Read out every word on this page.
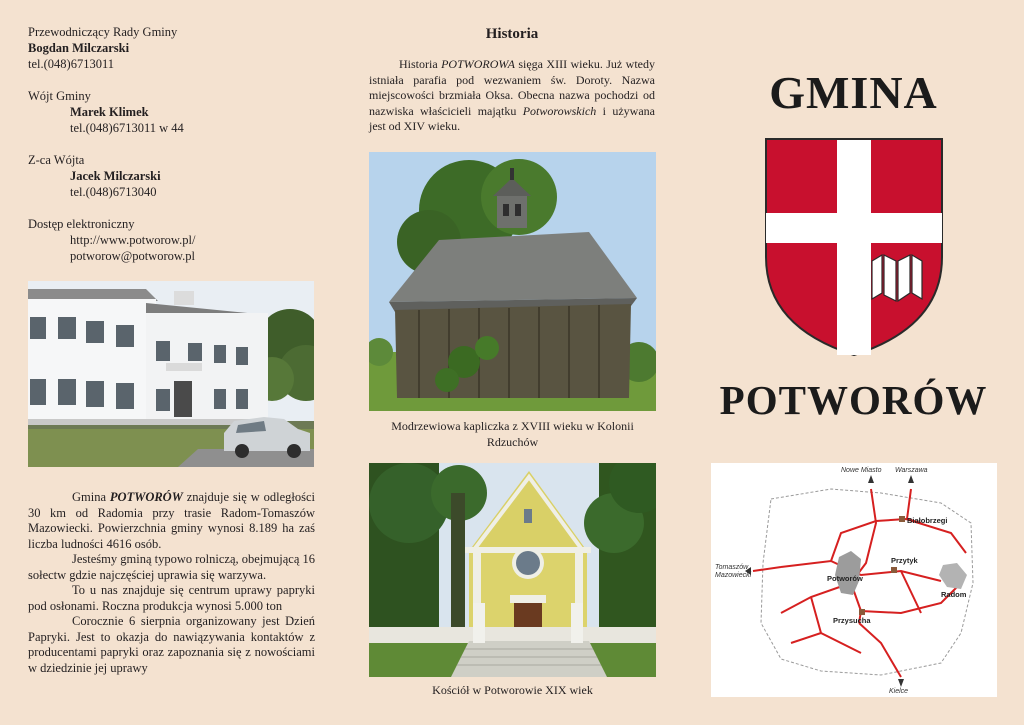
Przewodniczący Rady Gminy
Bogdan Milczarski
tel.(048)6713011
Wójt Gminy
Marek Klimek
tel.(048)6713011 w 44
Z-ca Wójta
Jacek Milczarski
tel.(048)6713040
Dostęp elektroniczny
http://www.potworow.pl/
potworow@potworow.pl

Gmina POTWORÓW znajduje się w odległości 30 km od Radomia przy trasie Radom-Tomaszów Mazowiecki. Powierzchnia gminy wynosi 8.189 ha zaś liczba ludności 4616 osób.

Jesteśmy gminą typowo rolniczą, obejmującą 16 sołectw gdzie najczęściej uprawia się warzywa.

To u nas znajduje się centrum uprawy papryki pod osłonami. Roczna produkcja wynosi 5.000 ton

Corocznie 6 sierpnia organizowany jest Dzień Papryki. Jest to okazja do nawiązywania kontaktów z producentami papryki oraz zapoznania się z nowościami w dziedzinie jej uprawy

Historia
Historia POTWOROWA sięga XIII wieku. Już wtedy istniała parafia pod wezwaniem św. Doroty. Nazwa miejscowości brzmiała Oksa. Obecna nazwa pochodzi od nazwiska właścicieli majątku Potworowskich i używana jest od XIV wieku.
Modrzewiowa kapliczka z XVIII wieku w Kolonii Rdzuchów
Kościół w Potworowie XIX wiek
GMINA
POTWORÓW
Nowe Miasto Warszawa
Białobrzegi
Tomaszów
Mazowiecki	Potworów
Przytyk
Radom
Przysucha
Kielce
